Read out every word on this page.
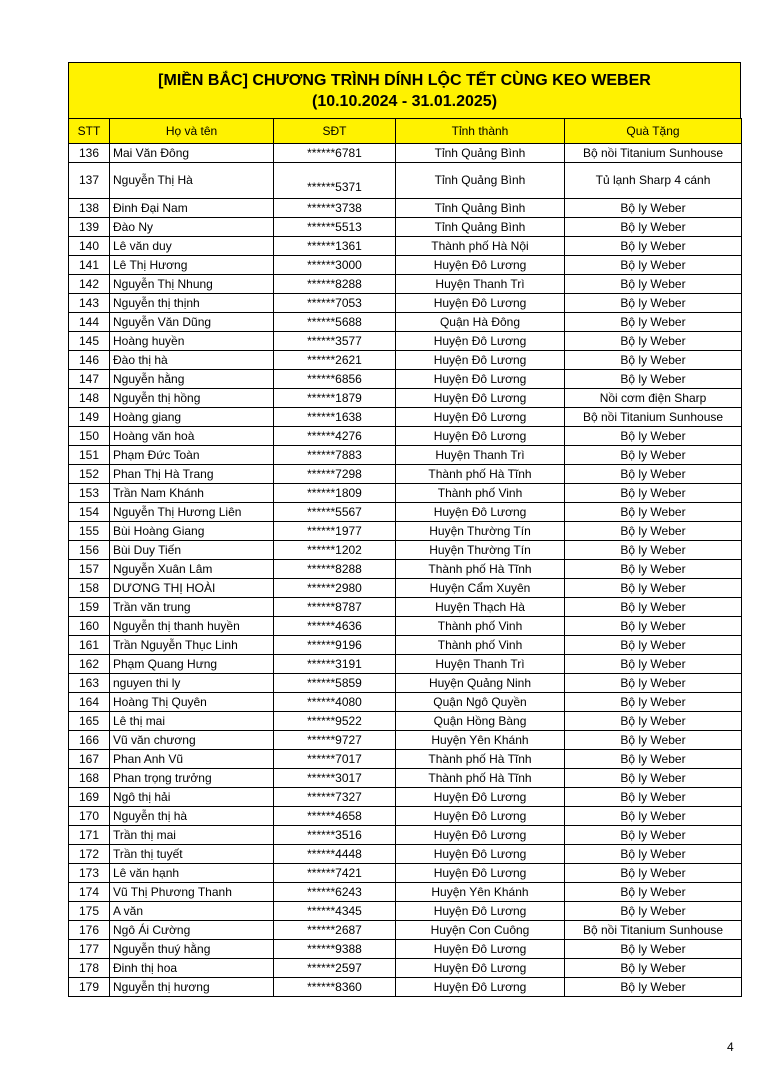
[MIỀN BẮC] CHƯƠNG TRÌNH DÍNH LỘC TẾT CÙNG KEO WEBER
(10.10.2024 - 31.01.2025)
STT	Họ và tên	SĐT	Tỉnh thành	Quà Tặng
136	Mai Văn Đông	******6781	Tỉnh Quảng Bình	Bộ nồi Titanium Sunhouse
137	Nguyễn Thị Hà	******5371	Tỉnh Quảng Bình	Tủ lạnh Sharp 4 cánh
138	Đinh Đại Nam	******3738	Tỉnh Quảng Bình	Bộ ly Weber
139	Đào Ny	******5513	Tỉnh Quảng Bình	Bộ ly Weber
140	Lê văn duy	******1361	Thành phố Hà Nội	Bộ ly Weber
141	Lê Thị Hương	******3000	Huyện Đô Lương	Bộ ly Weber
142	Nguyễn Thị Nhung	******8288	Huyện Thanh Trì	Bộ ly Weber
143	Nguyễn thị thịnh	******7053	Huyện Đô Lương	Bộ ly Weber
144	Nguyễn Văn Dũng	******5688	Quận Hà Đông	Bộ ly Weber
145	Hoàng huyền	******3577	Huyện Đô Lương	Bộ ly Weber
146	Đào thị hà	******2621	Huyện Đô Lương	Bộ ly Weber
147	Nguyễn hằng	******6856	Huyện Đô Lương	Bộ ly Weber
148	Nguyễn thị hồng	******1879	Huyện Đô Lương	Nồi cơm điện Sharp
149	Hoàng giang	******1638	Huyện Đô Lương	Bộ nồi Titanium Sunhouse
150	Hoàng văn hoà	******4276	Huyện Đô Lương	Bộ ly Weber
151	Phạm Đức Toàn	******7883	Huyện Thanh Trì	Bộ ly Weber
152	Phan Thị Hà Trang	******7298	Thành phố Hà Tĩnh	Bộ ly Weber
153	Trần Nam Khánh	******1809	Thành phố Vinh	Bộ ly Weber
154	Nguyễn Thị Hương Liên	******5567	Huyện Đô Lương	Bộ ly Weber
155	Bùi Hoàng Giang	******1977	Huyện Thường Tín	Bộ ly Weber
156	Bùi Duy Tiến	******1202	Huyện Thường Tín	Bộ ly Weber
157	Nguyễn Xuân Lâm	******8288	Thành phố Hà Tĩnh	Bộ ly Weber
158	DƯƠNG THỊ HOÀI	******2980	Huyện Cẩm Xuyên	Bộ ly Weber
159	Trần văn trung	******8787	Huyện Thạch Hà	Bộ ly Weber
160	Nguyễn thị thanh huyền	******4636	Thành phố Vinh	Bộ ly Weber
161	Trần Nguyễn Thục Linh	******9196	Thành phố Vinh	Bộ ly Weber
162	Phạm Quang Hưng	******3191	Huyện Thanh Trì	Bộ ly Weber
163	nguyen thi ly	******5859	Huyện Quảng Ninh	Bộ ly Weber
164	Hoàng Thị Quyên	******4080	Quận Ngô Quyền	Bộ ly Weber
165	Lê thị mai	******9522	Quận Hồng Bàng	Bộ ly Weber
166	Vũ văn chương	******9727	Huyện Yên Khánh	Bộ ly Weber
167	Phan Anh Vũ	******7017	Thành phố Hà Tĩnh	Bộ ly Weber
168	Phan trọng trưởng	******3017	Thành phố Hà Tĩnh	Bộ ly Weber
169	Ngô thị hải	******7327	Huyện Đô Lương	Bộ ly Weber
170	Nguyễn thị hà	******4658	Huyện Đô Lương	Bộ ly Weber
171	Trần thị mai	******3516	Huyện Đô Lương	Bộ ly Weber
172	Trần thị tuyết	******4448	Huyện Đô Lương	Bộ ly Weber
173	Lê văn hạnh	******7421	Huyện Đô Lương	Bộ ly Weber
174	Vũ Thị Phương Thanh	******6243	Huyện Yên Khánh	Bộ ly Weber
175	A văn	******4345	Huyện Đô Lương	Bộ ly Weber
176	Ngô Ái Cường	******2687	Huyện Con Cuông	Bộ nồi Titanium Sunhouse
177	Nguyễn thuý hằng	******9388	Huyện Đô Lương	Bộ ly Weber
178	Đinh thị hoa	******2597	Huyện Đô Lương	Bộ ly Weber
179	Nguyễn thị hương	******8360	Huyện Đô Lương	Bộ ly Weber
4
